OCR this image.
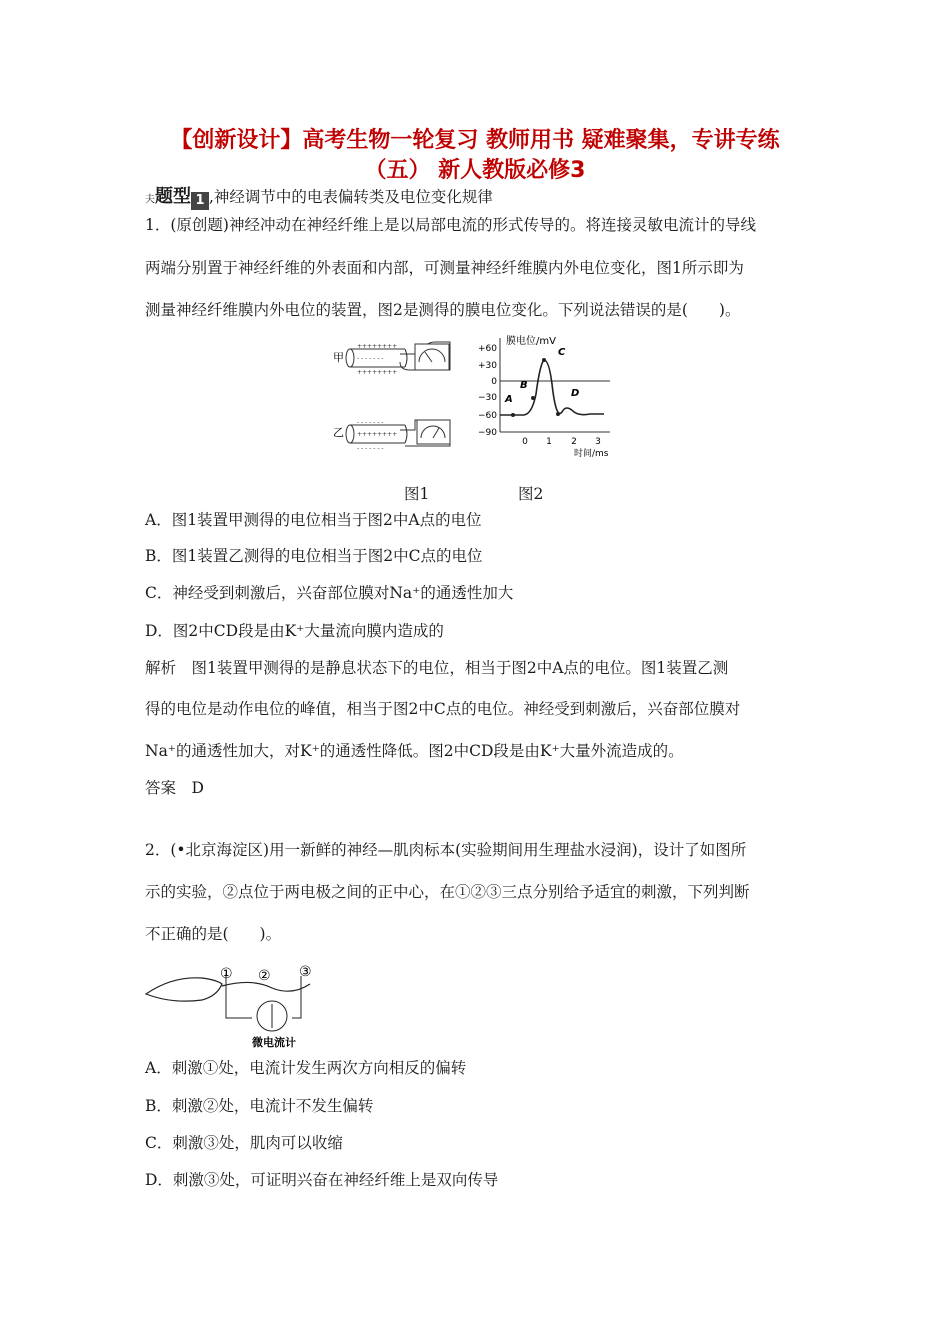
【创新设计】高考生物一轮复习 教师用书 疑难聚集，专讲专练
（五） 新人教版必修3
夫题型 1 ,神经调节中的电表偏转类及电位变化规律
1．(原创题)神经冲动在神经纤维上是以局部电流的形式传导的。将连接灵敏电流计的导线
两端分别置于神经纤维的外表面和内部，可测量神经纤维膜内外电位变化，图1所示即为
测量神经纤维膜内外电位的装置，图2是测得的膜电位变化。下列说法错误的是(　　)。
甲
++++++++
- - - - - - -
++++++++
乙
- - - - - - -
++++++++
- - - - - - -
膜电位/mV
时间/ms
+60
+30
0
−30
−60
−90
0 1 2 3
A
B
C
D
图1	图2
A．图1装置甲测得的电位相当于图2中A点的电位
B．图1装置乙测得的电位相当于图2中C点的电位
C．神经受到刺激后，兴奋部位膜对Na⁺的通透性加大
D．图2中CD段是由K⁺大量流向膜内造成的
解析　图1装置甲测得的是静息状态下的电位，相当于图2中A点的电位。图1装置乙测
得的电位是动作电位的峰值，相当于图2中C点的电位。神经受到刺激后，兴奋部位膜对
Na⁺的通透性加大，对K⁺的通透性降低。图2中CD段是由K⁺大量外流造成的。
答案　D
2．(•北京海淀区)用一新鲜的神经—肌肉标本(实验期间用生理盐水浸润)，设计了如图所
示的实验，②点位于两电极之间的正中心，在①②③三点分别给予适宜的刺激，下列判断
不正确的是(　　)。
① ② ③
微电流计
A．刺激①处，电流计发生两次方向相反的偏转
B．刺激②处，电流计不发生偏转
C．刺激③处，肌肉可以收缩
D．刺激③处，可证明兴奋在神经纤维上是双向传导
